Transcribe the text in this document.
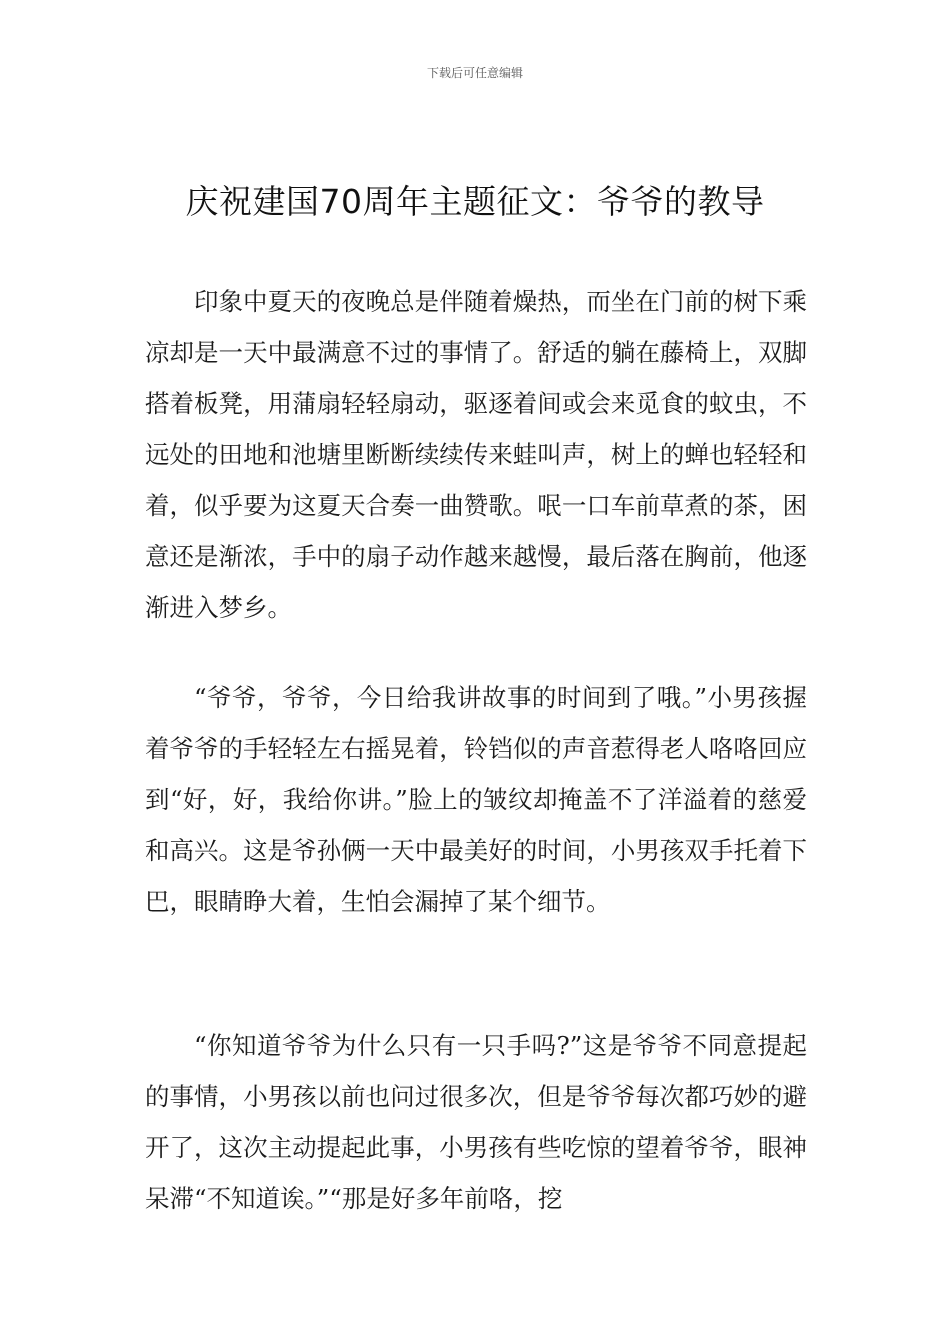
下载后可任意编辑
庆祝建国70周年主题征文：爷爷的教导

印象中夏天的夜晚总是伴随着燥热，而坐在门前的树下乘凉却是一天中最满意不过的事情了。舒适的躺在藤椅上，双脚搭着板凳，用蒲扇轻轻扇动，驱逐着间或会来觅食的蚊虫，不远处的田地和池塘里断断续续传来蛙叫声，树上的蝉也轻轻和着，似乎要为这夏天合奏一曲赞歌。呡一口车前草煮的茶，困意还是渐浓，手中的扇子动作越来越慢，最后落在胸前，他逐渐进入梦乡。

“爷爷，爷爷，今日给我讲故事的时间到了哦。”小男孩握着爷爷的手轻轻左右摇晃着，铃铛似的声音惹得老人咯咯回应到“好，好，我给你讲。”脸上的皱纹却掩盖不了洋溢着的慈爱和高兴。这是爷孙俩一天中最美好的时间，小男孩双手托着下巴，眼睛睁大着，生怕会漏掉了某个细节。

“你知道爷爷为什么只有一只手吗?”这是爷爷不同意提起的事情，小男孩以前也问过很多次，但是爷爷每次都巧妙的避开了，这次主动提起此事，小男孩有些吃惊的望着爷爷，眼神呆滞“不知道诶。”“那是好多年前咯，挖
